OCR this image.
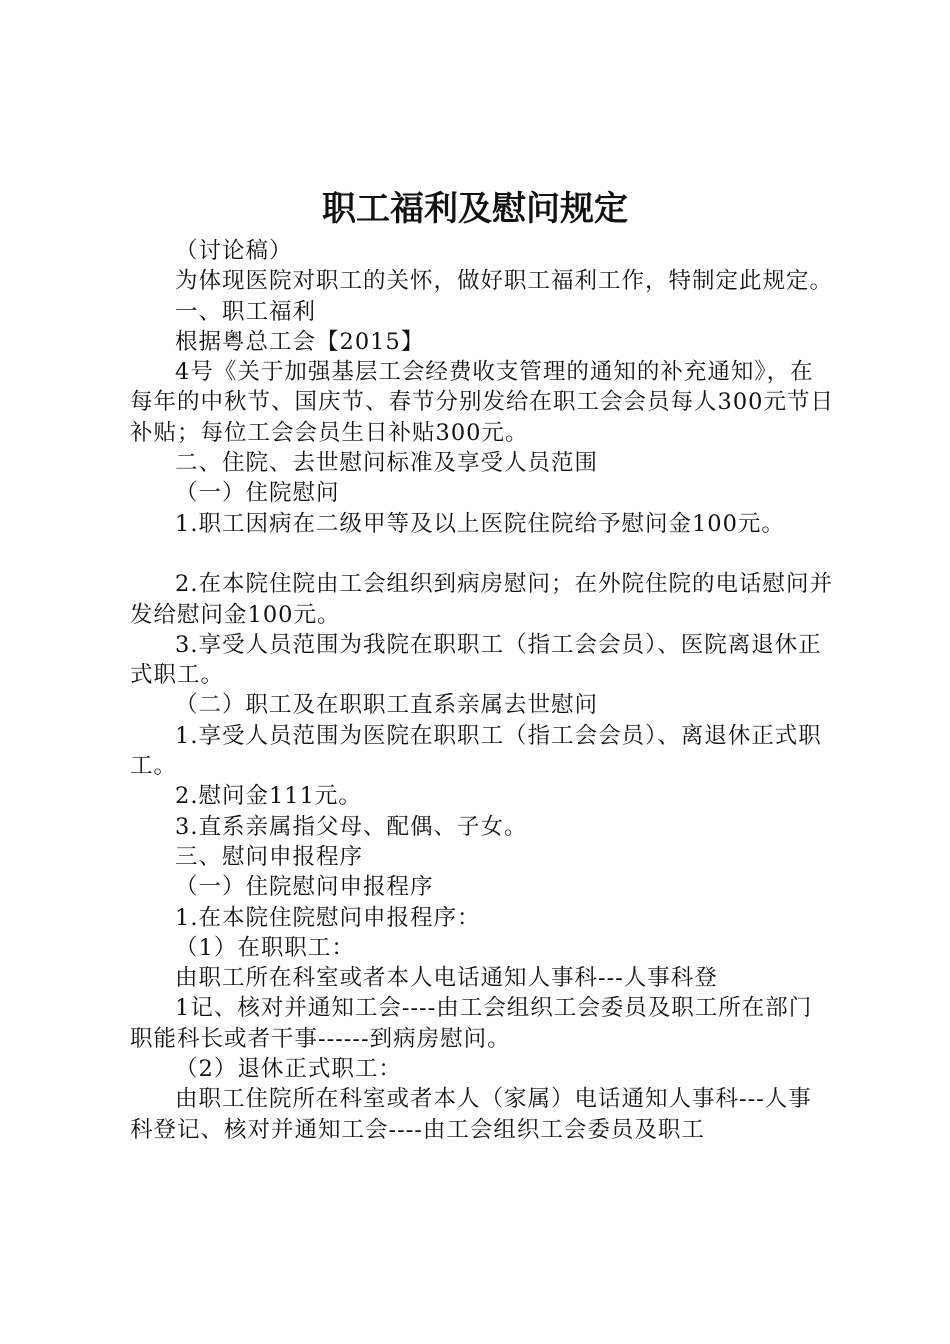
职工福利及慰问规定

（讨论稿）

为体现医院对职工的关怀，做好职工福利工作，特制定此规定。

一、职工福利

根据粤总工会【2015】

4号《关于加强基层工会经费收支管理的通知的补充通知》，在每年的中秋节、国庆节、春节分别发给在职工会会员每人300元节日补贴；每位工会会员生日补贴300元。

二、住院、去世慰问标准及享受人员范围

（一）住院慰问

1.职工因病在二级甲等及以上医院住院给予慰问金100元。

2.在本院住院由工会组织到病房慰问；在外院住院的电话慰问并发给慰问金100元。

3.享受人员范围为我院在职职工（指工会会员）、医院离退休正式职工。

（二）职工及在职职工直系亲属去世慰问

1.享受人员范围为医院在职职工（指工会会员）、离退休正式职工。

2.慰问金111元。

3.直系亲属指父母、配偶、子女。

三、慰问申报程序

（一）住院慰问申报程序

1.在本院住院慰问申报程序：

（1）在职职工：

由职工所在科室或者本人电话通知人事科---人事科登

1记、核对并通知工会----由工会组织工会委员及职工所在部门职能科长或者干事------到病房慰问。

（2）退休正式职工：

由职工住院所在科室或者本人（家属）电话通知人事科---人事科登记、核对并通知工会----由工会组织工会委员及职工
